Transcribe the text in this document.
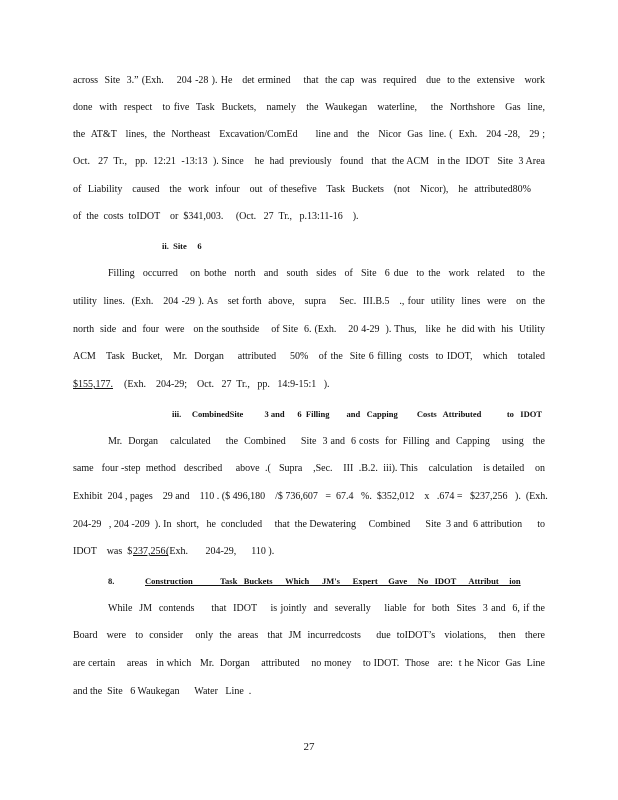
across  Site  3.” (Exh.    204 -28 ). He   det ermined    that  the cap  was  required   due  to the  extensive   work
done  with  respect   to five  Task  Buckets,   namely   the  Waukegan   waterline,    the  Northshore   Gas  line,
the  AT&T   lines,  the  Northeast   Excavation/ComEd      line and   the   Nicor  Gas  line. (  Exh.   204 -28,   29 ;
Oct.   27  Tr.,   pp.  12:21  -13:13  ). Since    he  had  previously   found   that  the ACM   in the  IDOT   Site  3 Area
of  Liability   caused   the  work  infour   out  of thesefive   Task  Buckets   (not   Nicor),   he  attributed80%
of  the  costs  toIDOT    or  $341,003.     (Oct.   27  Tr.,   p.13:11-16    ).
ii.  Site     6
Filling  occurred   on bothe  north  and  south  sides  of  Site  6 due  to the  work  related   to  the
utility  lines.  (Exh.   204 -29 ). As   set forth  above,   supra    Sec.  III.B.5   ., four  utility  lines  were   on  the
north  side  and  four  were   on the southside    of Site  6. (Exh.    20 4-29  ). Thus,   like  he  did with  his  Utility
ACM   Task  Bucket,   Mr.  Dorgan    attributed    50%   of the  Site 6 filling  costs  to IDOT,   which   totaled
$155,177. (Exh.    204-29;    Oct.   27  Tr.,   pp.   14:9-15:1   ).
iii.     CombinedSite          3 and      6  Filling        and   Capping         Costs   Attributed            to   IDOT
Mr.  Dorgan    calculated     the  Combined     Site  3 and  6 costs  for  Filling  and  Capping    using   the
same   four -step  method   described     above  .(   Supra    ,Sec.    III  .B.2.  iii). This    calculation    is detailed    on
Exhibit  204 , pages    29 and    110 . ($ 496,180    /$ 736,607   =  67.4   %.  $352,012    x   .674 =   $237,256   ).  (Exh.
204-29   , 204 -209  ). In  short,   he  concluded     that  the Dewatering     Combined      Site  3 and  6 attribution      to
IDOT    was  $ 237,256.
(Exh.       204-29,      110 ).
8.	Construction             Task   Buckets      Which      JM's      Expert     Gave     No   IDOT      Attribut     ion
While  JM  contends     that  IDOT    is jointly  and  severally    liable  for  both  Sites  3 and  6, if the
Board   were   to  consider    only  the  areas   that  JM  incurredcosts     due  toIDOT’s   violations,    then   there
are certain    areas   in which   Mr.  Dorgan    attributed    no money    to IDOT.  Those   are:  t he Nicor  Gas  Line
and the  Site   6 Waukegan      Water   Line  .
27
